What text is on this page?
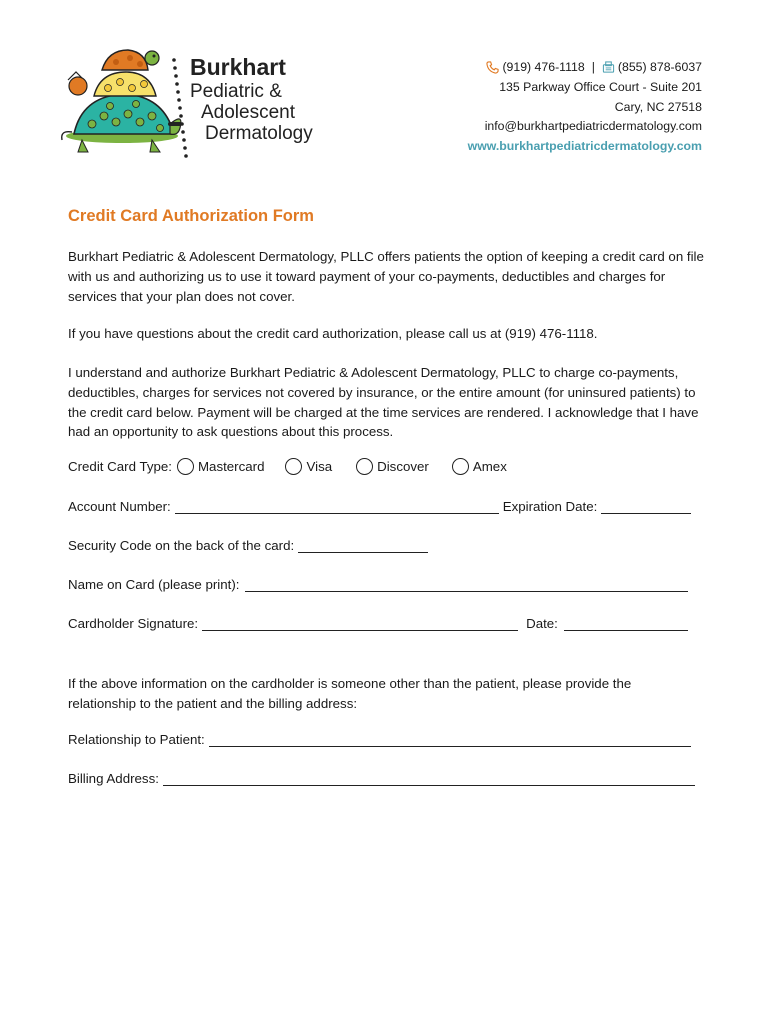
Burkhart
Pediatric &
Adolescent
Dermatology
(919) 476-1118 | (855) 878-6037
135 Parkway Office Court - Suite 201
Cary, NC 27518
info@burkhartpediatricdermatology.com
www.burkhartpediatricdermatology.com
Credit Card Authorization Form

Burkhart Pediatric & Adolescent Dermatology, PLLC offers patients the option of keeping a credit card on file with us and authorizing us to use it toward payment of your co-payments, deductibles and charges for services that your plan does not cover.

If you have questions about the credit card authorization, please call us at (919) 476-1118.

I understand and authorize Burkhart Pediatric & Adolescent Dermatology, PLLC to charge co-payments, deductibles, charges for services not covered by insurance, or the entire amount (for uninsured patients) to the credit card below. Payment will be charged at the time services are rendered. I acknowledge that I have had an opportunity to ask questions about this process.

Credit Card Type: Mastercard	Visa	Discover	Amex
Account Number:	Expiration Date:
Security Code on the back of the card:
Name on Card (please print):
Cardholder Signature:	Date:

If the above information on the cardholder is someone other than the patient, please provide the relationship to the patient and the billing address:

Relationship to Patient:
Billing Address:
